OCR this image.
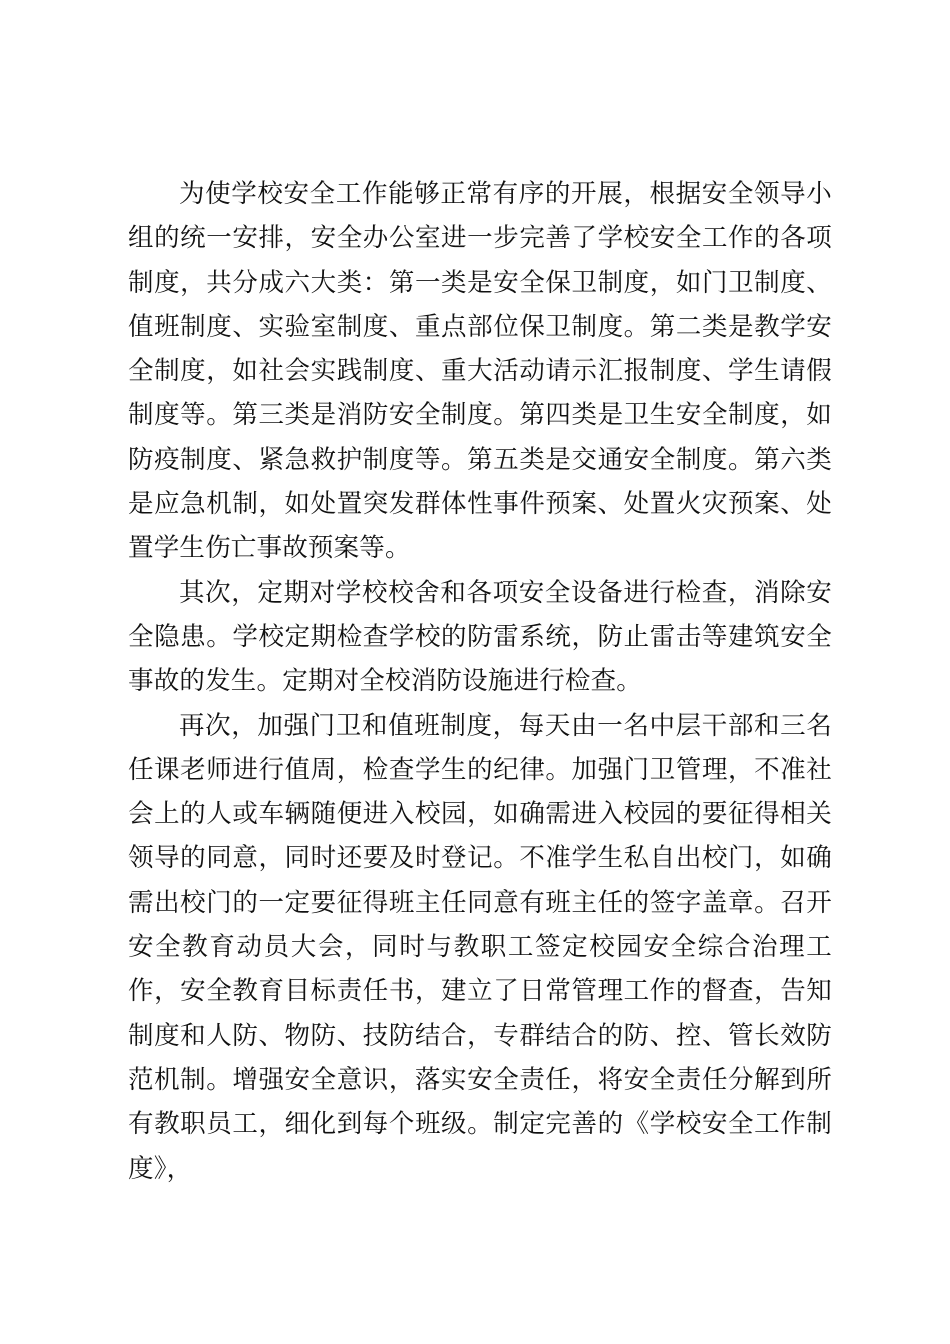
为使学校安全工作能够正常有序的开展，根据安全领导小组的统一安排，安全办公室进一步完善了学校安全工作的各项制度，共分成六大类：第一类是安全保卫制度，如门卫制度、值班制度、实验室制度、重点部位保卫制度。第二类是教学安全制度，如社会实践制度、重大活动请示汇报制度、学生请假制度等。第三类是消防安全制度。第四类是卫生安全制度，如防疫制度、紧急救护制度等。第五类是交通安全制度。第六类是应急机制，如处置突发群体性事件预案、处置火灾预案、处置学生伤亡事故预案等。

其次，定期对学校校舍和各项安全设备进行检查，消除安全隐患。学校定期检查学校的防雷系统，防止雷击等建筑安全事故的发生。定期对全校消防设施进行检查。

再次，加强门卫和值班制度，每天由一名中层干部和三名任课老师进行值周，检查学生的纪律。加强门卫管理，不准社会上的人或车辆随便进入校园，如确需进入校园的要征得相关领导的同意，同时还要及时登记。不准学生私自出校门，如确需出校门的一定要征得班主任同意有班主任的签字盖章。召开安全教育动员大会，同时与教职工签定校园安全综合治理工作，安全教育目标责任书，建立了日常管理工作的督查，告知制度和人防、物防、技防结合，专群结合的防、控、管长效防范机制。增强安全意识，落实安全责任，将安全责任分解到所有教职员工，细化到每个班级。制定完善的《学校安全工作制度》，
